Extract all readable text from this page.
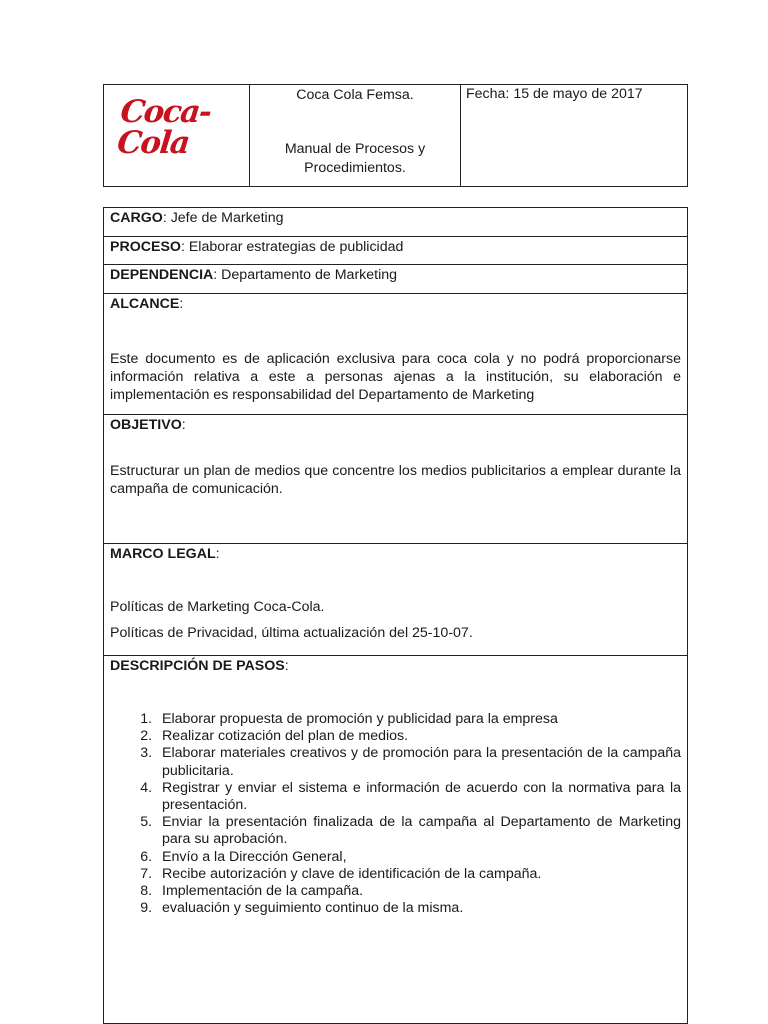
Coca-Cola

Coca Cola Femsa.
Manual de Procesos y Procedimientos.

Fecha: 15 de mayo de 2017
CARGO: Jefe de Marketing
PROCESO: Elaborar estrategias de publicidad
DEPENDENCIA: Departamento de Marketing
ALCANCE:

Este documento es de aplicación exclusiva para coca cola y no podrá proporcionarse información relativa a este a personas ajenas a la institución, su elaboración e implementación es responsabilidad del Departamento de Marketing

OBJETIVO:

Estructurar un plan de medios que concentre los medios publicitarios a emplear durante la campaña de comunicación.

MARCO LEGAL:

Políticas de Marketing Coca-Cola.

Políticas de Privacidad, última actualización del 25-10-07.

DESCRIPCIÓN DE PASOS:
1. Elaborar propuesta de promoción y publicidad para la empresa
2. Realizar cotización del plan de medios.
3. Elaborar materiales creativos y de promoción para la presentación de la campaña publicitaria.
4. Registrar y enviar el sistema e información de acuerdo con la normativa para la presentación.
5. Enviar la presentación finalizada de la campaña al Departamento de Marketing para su aprobación.
6. Envío a la Dirección General,
7. Recibe autorización y clave de identificación de la campaña.
8. Implementación de la campaña.
9. evaluación y seguimiento continuo de la misma.
